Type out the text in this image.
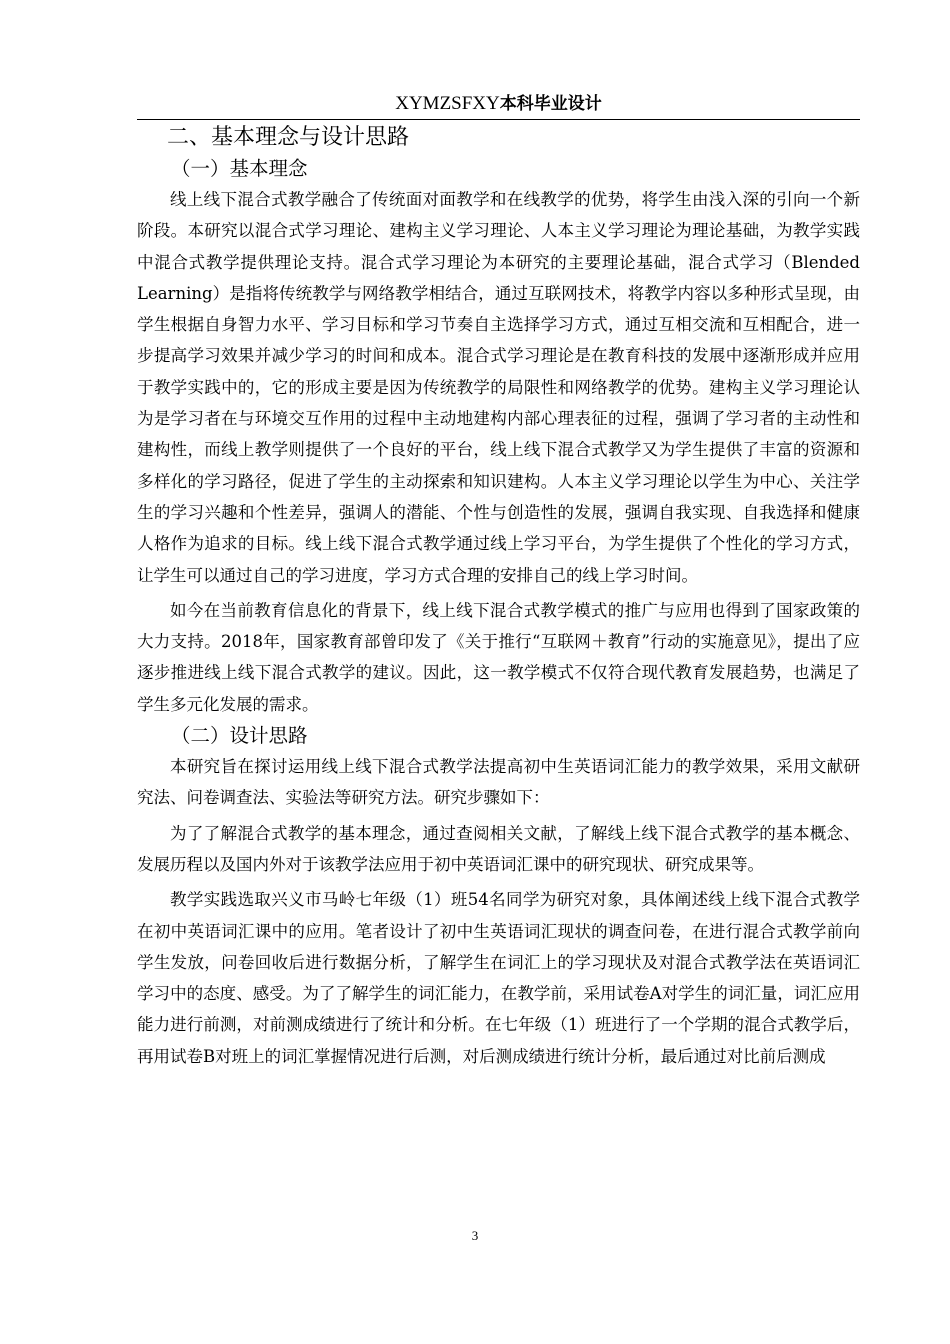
XYMZSFXY本科毕业设计
二、基本理念与设计思路
（一）基本理念

线上线下混合式教学融合了传统面对面教学和在线教学的优势，将学生由浅入深的引向一个新阶段。本研究以混合式学习理论、建构主义学习理论、人本主义学习理论为理论基础，为教学实践中混合式教学提供理论支持。混合式学习理论为本研究的主要理论基础，混合式学习（Blended Learning）是指将传统教学与网络教学相结合，通过互联网技术，将教学内容以多种形式呈现，由学生根据自身智力水平、学习目标和学习节奏自主选择学习方式，通过互相交流和互相配合，进一步提高学习效果并减少学习的时间和成本。混合式学习理论是在教育科技的发展中逐渐形成并应用于教学实践中的，它的形成主要是因为传统教学的局限性和网络教学的优势。建构主义学习理论认为是学习者在与环境交互作用的过程中主动地建构内部心理表征的过程，强调了学习者的主动性和建构性，而线上教学则提供了一个良好的平台，线上线下混合式教学又为学生提供了丰富的资源和多样化的学习路径，促进了学生的主动探索和知识建构。人本主义学习理论以学生为中心、关注学生的学习兴趣和个性差异，强调人的潜能、个性与创造性的发展，强调自我实现、自我选择和健康人格作为追求的目标。线上线下混合式教学通过线上学习平台，为学生提供了个性化的学习方式，让学生可以通过自己的学习进度，学习方式合理的安排自己的线上学习时间。

如今在当前教育信息化的背景下，线上线下混合式教学模式的推广与应用也得到了国家政策的大力支持。2018年，国家教育部曾印发了《关于推行“互联网＋教育”行动的实施意见》，提出了应逐步推进线上线下混合式教学的建议。因此，这一教学模式不仅符合现代教育发展趋势，也满足了学生多元化发展的需求。

（二）设计思路

本研究旨在探讨运用线上线下混合式教学法提高初中生英语词汇能力的教学效果，采用文献研究法、问卷调查法、实验法等研究方法。研究步骤如下：

为了了解混合式教学的基本理念，通过查阅相关文献，了解线上线下混合式教学的基本概念、发展历程以及国内外对于该教学法应用于初中英语词汇课中的研究现状、研究成果等。

教学实践选取兴义市马岭七年级（1）班54名同学为研究对象，具体阐述线上线下混合式教学在初中英语词汇课中的应用。笔者设计了初中生英语词汇现状的调查问卷，在进行混合式教学前向学生发放，问卷回收后进行数据分析，了解学生在词汇上的学习现状及对混合式教学法在英语词汇学习中的态度、感受。为了了解学生的词汇能力，在教学前，采用试卷A对学生的词汇量，词汇应用能力进行前测，对前测成绩进行了统计和分析。在七年级（1）班进行了一个学期的混合式教学后，再用试卷B对班上的词汇掌握情况进行后测，对后测成绩进行统计分析，最后通过对比前后测成

3
